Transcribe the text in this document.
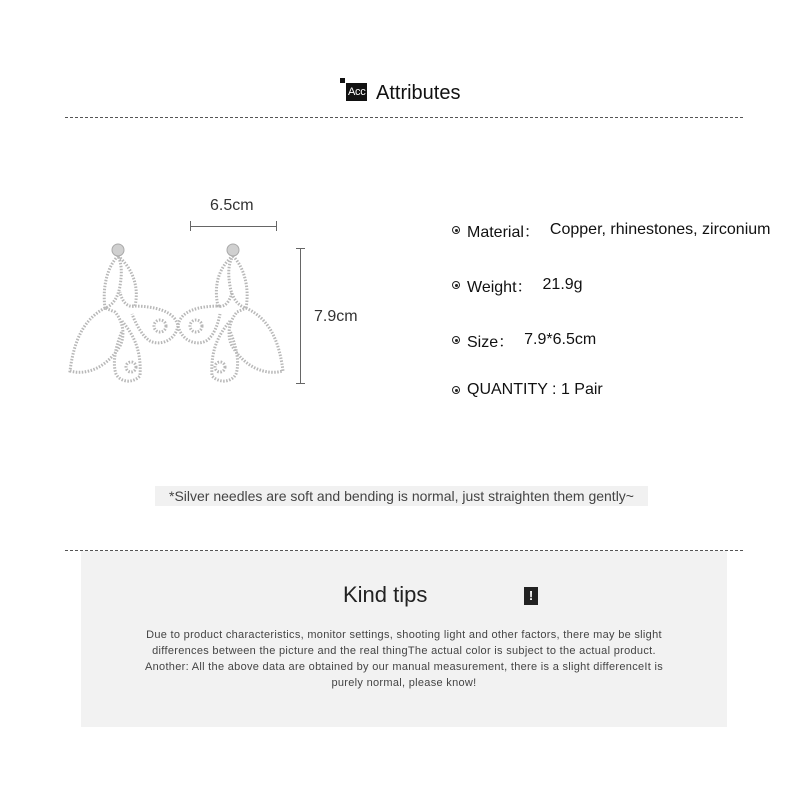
Acc Attributes
6.5cm
7.9cm
Material： Copper, rhinestones, zirconium
Weight： 21.9g
Size： 7.9*6.5cm
QUANTITY : 1 Pair
*Silver needles are soft and bending is normal, just straighten them gently~
Kind tips	!
Due to product characteristics, monitor settings, shooting light and other factors, there may be slight
differences between the picture and the real thingThe actual color is subject to the actual product.
Another: All the above data are obtained by our manual measurement, there is a slight differenceIt is
purely normal, please know!
